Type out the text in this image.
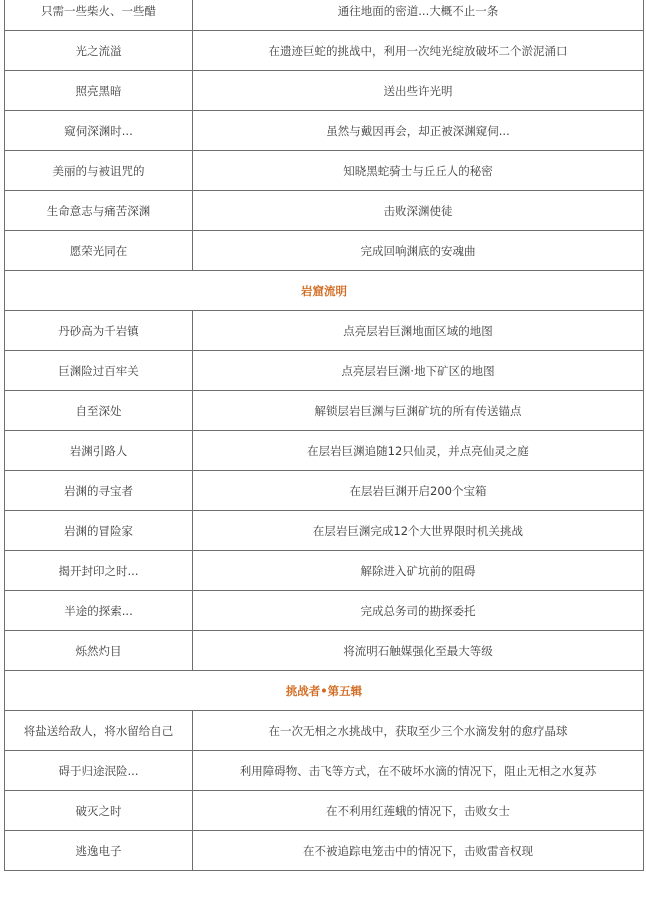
只需一些柴火、一些醋	通往地面的密道...大概不止一条
光之流溢	在遗迹巨蛇的挑战中，利用一次纯光绽放破坏二个淤泥涌口
照亮黑暗	送出些许光明
窥伺深渊时...	虽然与戴因再会，却正被深渊窥伺...
美丽的与被诅咒的	知晓黑蛇骑士与丘丘人的秘密
生命意志与痛苦深渊	击败深渊使徒
愿荣光同在	完成回响渊底的安魂曲
岩窟流明	
丹砂高为千岩镇	点亮层岩巨渊地面区域的地图
巨渊险过百牢关	点亮层岩巨渊·地下矿区的地图
自至深处	解锁层岩巨渊与巨渊矿坑的所有传送锚点
岩渊引路人	在层岩巨渊追随12只仙灵，并点亮仙灵之庭
岩渊的寻宝者	在层岩巨渊开启200个宝箱
岩渊的冒险家	在层岩巨渊完成12个大世界限时机关挑战
揭开封印之时...	解除进入矿坑前的阻碍
半途的探索...	完成总务司的勘探委托
烁然灼目	将流明石触媒强化至最大等级
挑战者•第五辑	
将盐送给敌人，将水留给自己	在一次无相之水挑战中，获取至少三个水滴发射的愈疗晶球
碍于归途泯险...	利用障碍物、击飞等方式，在不破坏水滴的情况下，阻止无相之水复苏
破灭之时	在不利用红莲蛾的情况下，击败女士
逃逸电子	在不被追踪电笼击中的情况下，击败雷音权现
